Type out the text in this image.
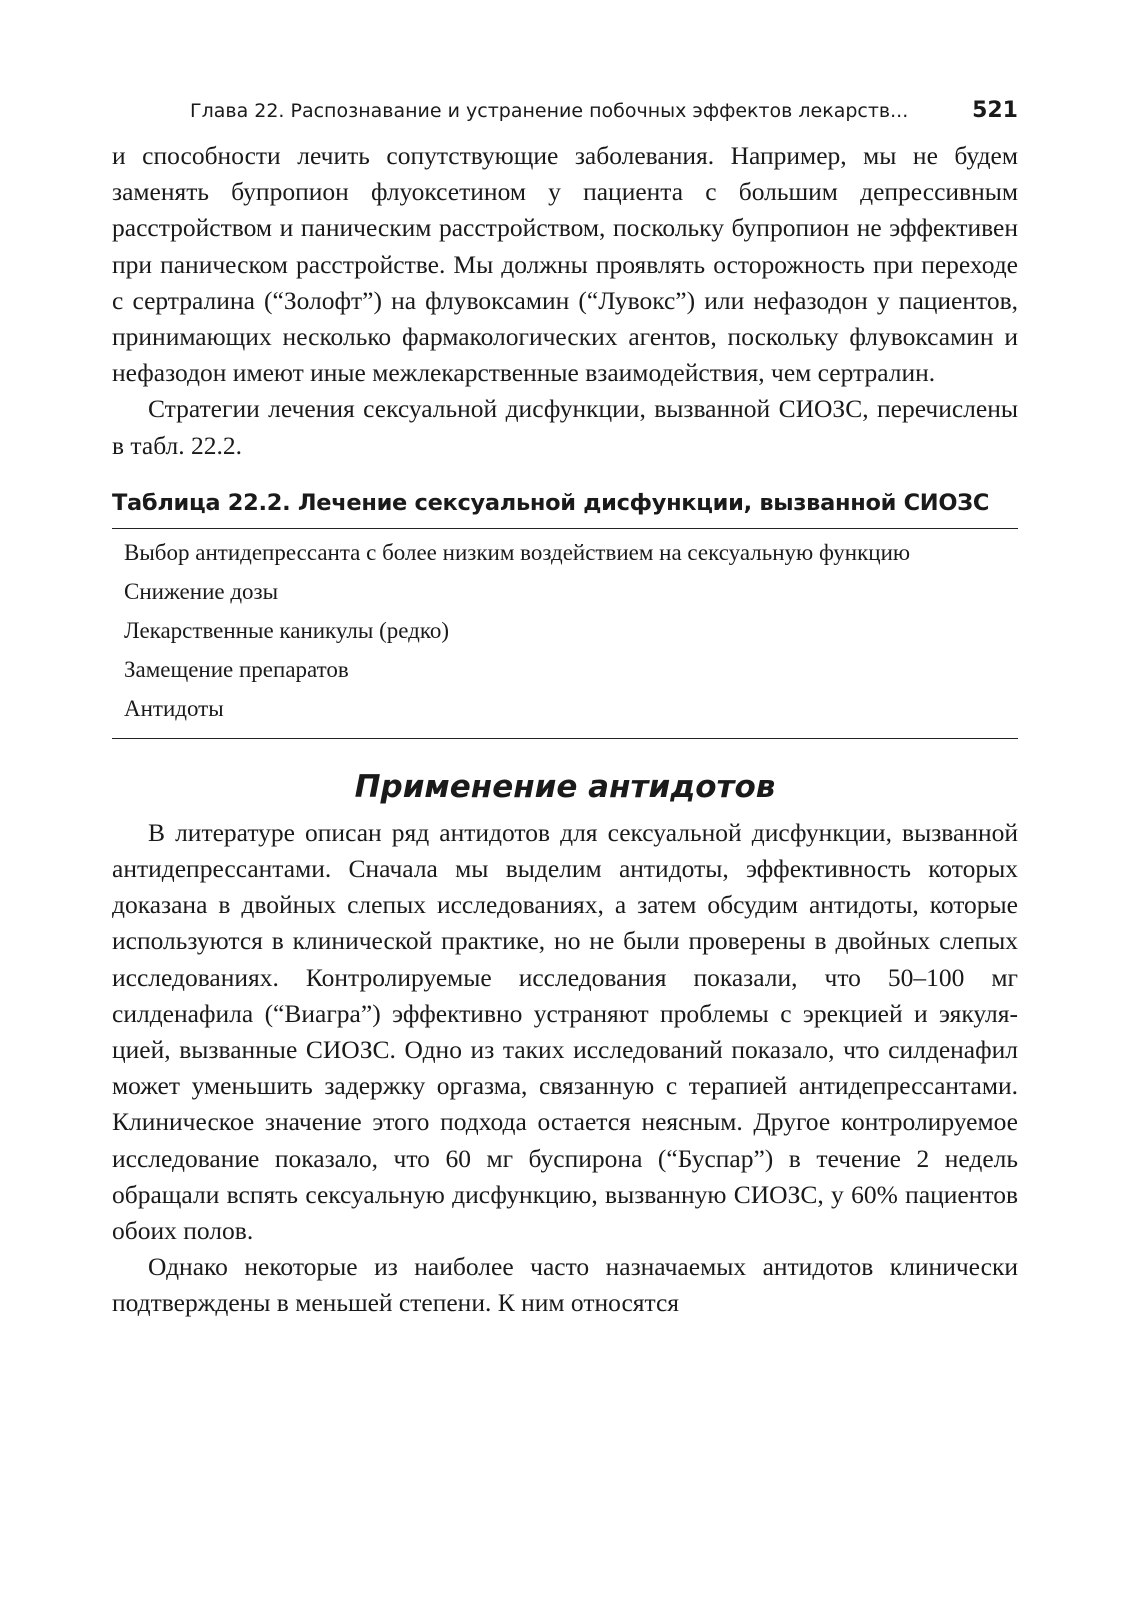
Глава 22. Распознавание и устранение побочных эффектов лекарств...	521

и способности лечить сопутствующие заболевания. Например, мы не будем заменять бупропион флуоксетином у пациента с большим депрессивным расстройством и паническим расстройством, поскольку бупропион не эффективен при паническом расстройстве. Мы должны проявлять осторожность при переходе с сертралина (“Золофт”) на флувоксамин (“Лувокс”) или нефазодон у пациентов, принимающих несколько фармакологических агентов, поскольку флувоксамин и нефазодон имеют иные межлекарственные взаимодействия, чем сертралин.

Стратегии лечения сексуальной дисфункции, вызванной СИОЗС, перечислены в табл. 22.2.

Таблица 22.2. Лечение сексуальной дисфункции, вызванной СИОЗС
Выбор антидепрессанта с более низким воздействием на сексуальную функцию
Снижение дозы
Лекарственные каникулы (редко)
Замещение препаратов
Антидоты
Применение антидотов

В литературе описан ряд антидотов для сексуальной дисфункции, вызванной антидепрессантами. Сначала мы выделим антидоты, эффективность которых доказана в двойных слепых исследованиях, а затем обсудим антидоты, которые используются в клинической практике, но не были проверены в двойных слепых исследованиях. Контролируемые исследования показали, что 50–100 мг силденафила (“Виагра”) эффективно устраняют проблемы с эрекцией и эякуляцией, вызванные СИОЗС. Одно из таких исследований показало, что силденафил может уменьшить задержку оргазма, связанную с терапией антидепрессантами. Клиническое значение этого подхода остается неясным. Другое контролируемое исследование показало, что 60 мг буспирона (“Буспар”) в течение 2 недель обращали вспять сексуальную дисфункцию, вызванную СИОЗС, у 60% пациентов обоих полов.

Однако некоторые из наиболее часто назначаемых антидотов клинически подтверждены в меньшей степени. К ним относятся
